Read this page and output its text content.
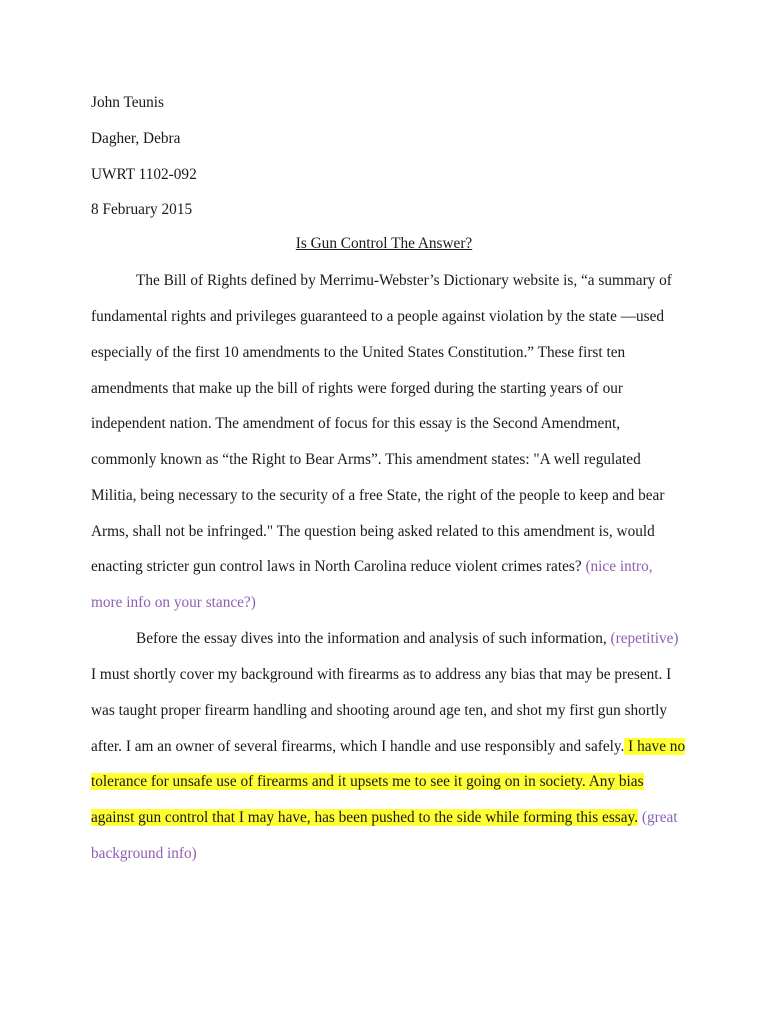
John Teunis
Dagher, Debra
UWRT 1102-092
8 February 2015
Is Gun Control The Answer?
The Bill of Rights defined by Merrimu-Webster’s Dictionary website is, “a summary of
fundamental rights and privileges guaranteed to a people against violation by the state —used
especially of the first 10 amendments to the United States Constitution.” These first ten
amendments that make up the bill of rights were forged during the starting years of our
independent nation. The amendment of focus for this essay is the Second Amendment,
commonly known as “the Right to Bear Arms”. This amendment states: "A well regulated
Militia, being necessary to the security of a free State, the right of the people to keep and bear
Arms, shall not be infringed." The question being asked related to this amendment is, would
enacting stricter gun control laws in North Carolina reduce violent crimes rates? (nice intro,
more info on your stance?)
Before the essay dives into the information and analysis of such information, (repetitive)
I must shortly cover my background with firearms as to address any bias that may be present. I
was taught proper firearm handling and shooting around age ten, and shot my first gun shortly
after. I am an owner of several firearms, which I handle and use responsibly and safely. I have no
tolerance for unsafe use of firearms and it upsets me to see it going on in society. Any bias
against gun control that I may have, has been pushed to the side while forming this essay. (great
background info)
